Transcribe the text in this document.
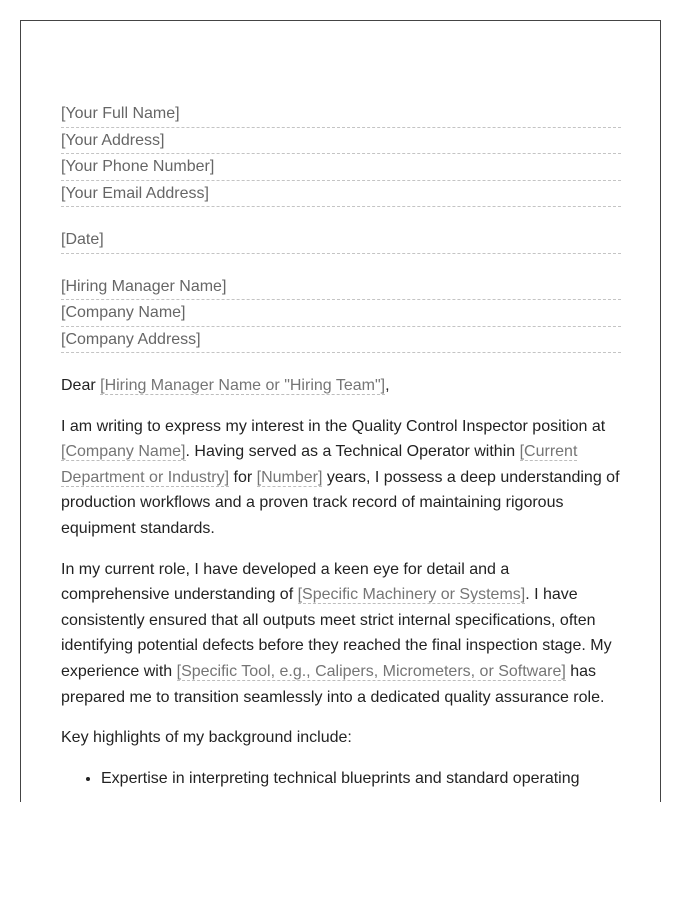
[Your Full Name]
[Your Address]
[Your Phone Number]
[Your Email Address]
[Date]
[Hiring Manager Name]
[Company Name]
[Company Address]

Dear [Hiring Manager Name or "Hiring Team"],

I am writing to express my interest in the Quality Control Inspector position at [Company Name]. Having served as a Technical Operator within [Current Department or Industry] for [Number] years, I possess a deep understanding of production workflows and a proven track record of maintaining rigorous equipment standards.

In my current role, I have developed a keen eye for detail and a comprehensive understanding of [Specific Machinery or Systems]. I have consistently ensured that all outputs meet strict internal specifications, often identifying potential defects before they reached the final inspection stage. My experience with [Specific Tool, e.g., Calipers, Micrometers, or Software] has prepared me to transition seamlessly into a dedicated quality assurance role.

Key highlights of my background include:

• Expertise in interpreting technical blueprints and standard operating
